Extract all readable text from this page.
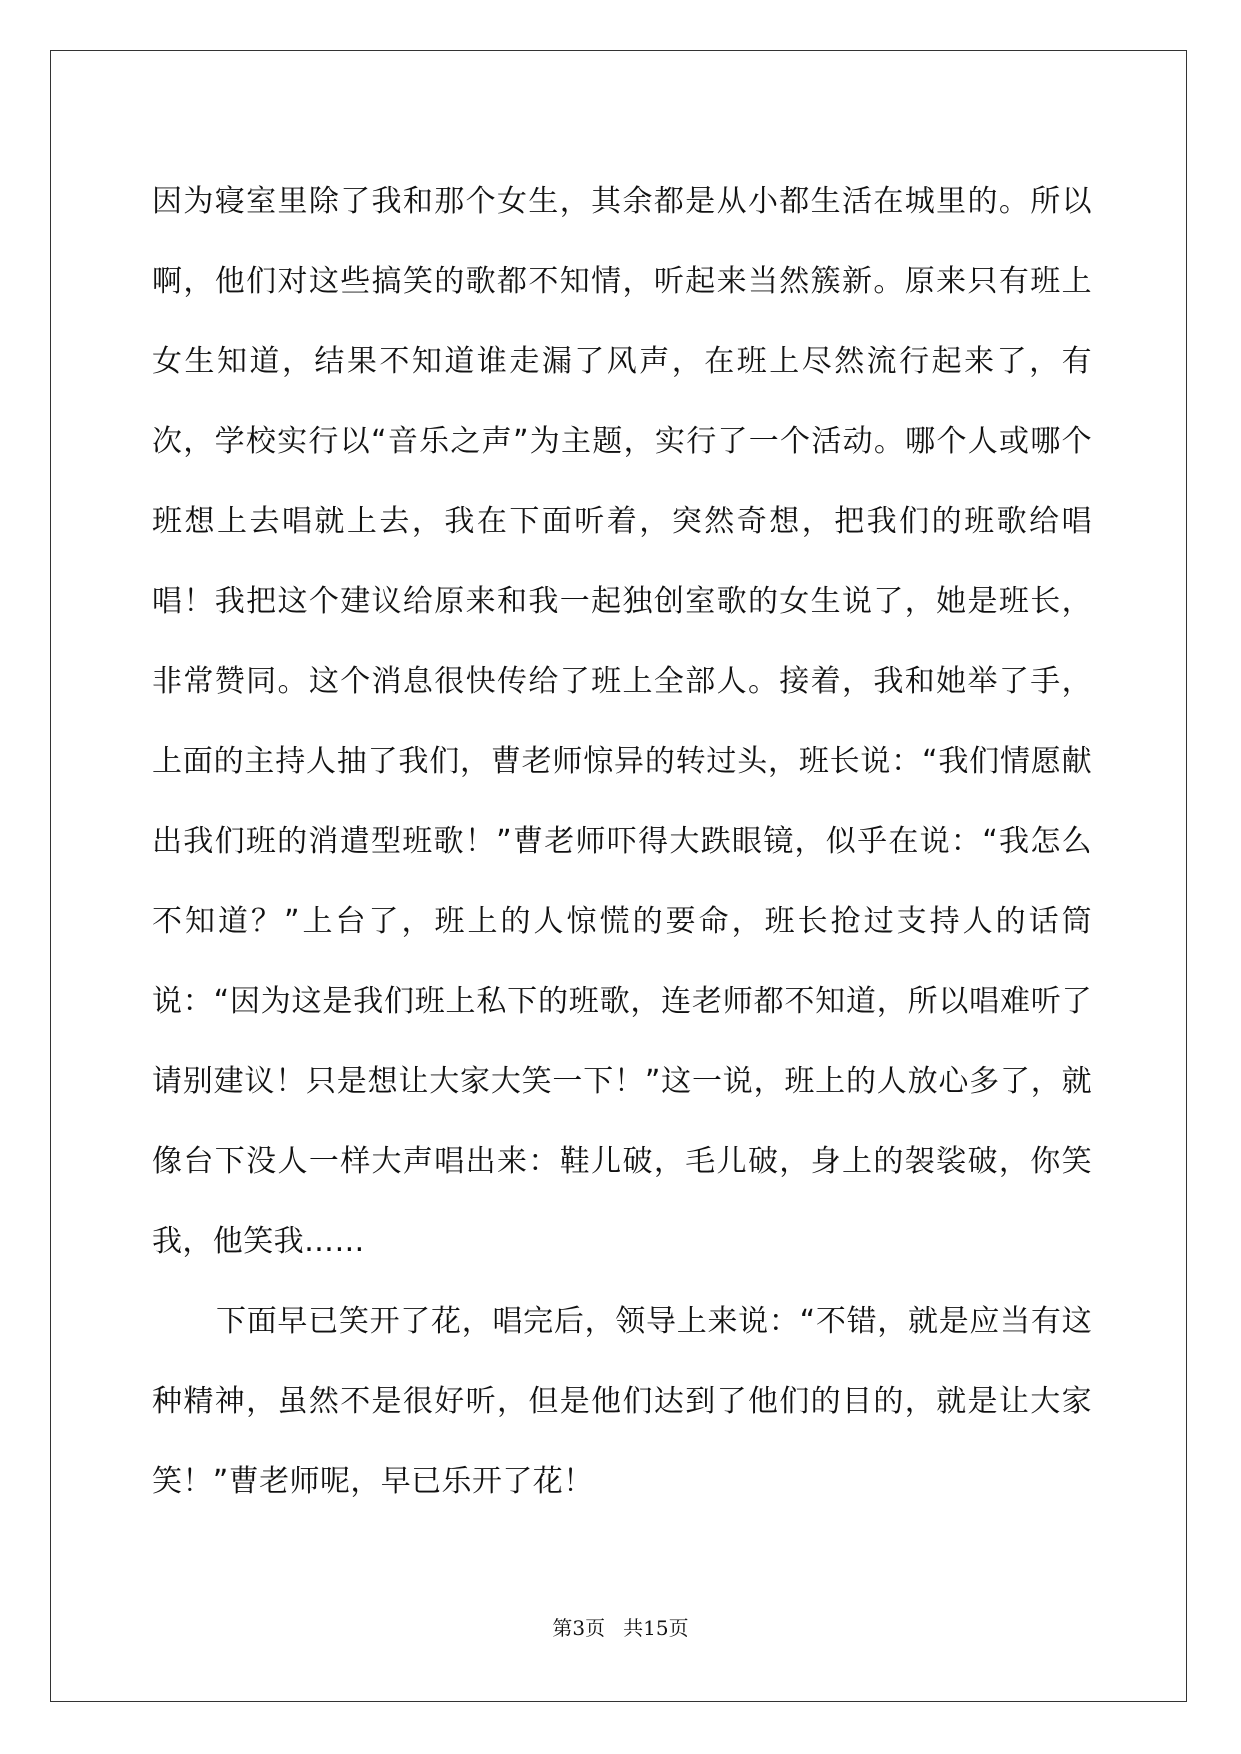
因为寝室里除了我和那个女生，其余都是从小都生活在城里的。所以啊，他们对这些搞笑的歌都不知情，听起来当然簇新。原来只有班上女生知道，结果不知道谁走漏了风声，在班上尽然流行起来了，有次，学校实行以“音乐之声”为主题，实行了一个活动。哪个人或哪个班想上去唱就上去，我在下面听着，突然奇想，把我们的班歌给唱唱！我把这个建议给原来和我一起独创室歌的女生说了，她是班长，非常赞同。这个消息很快传给了班上全部人。接着，我和她举了手，上面的主持人抽了我们，曹老师惊异的转过头，班长说：“我们情愿献出我们班的消遣型班歌！”曹老师吓得大跌眼镜，似乎在说：“我怎么不知道？”上台了，班上的人惊慌的要命，班长抢过支持人的话筒说：“因为这是我们班上私下的班歌，连老师都不知道，所以唱难听了请别建议！只是想让大家大笑一下！”这一说，班上的人放心多了，就像台下没人一样大声唱出来：鞋儿破，毛儿破，身上的袈裟破，你笑我，他笑我……

下面早已笑开了花，唱完后，领导上来说：“不错，就是应当有这种精神，虽然不是很好听，但是他们达到了他们的目的，就是让大家笑！”曹老师呢，早已乐开了花！

第3页 共15页
